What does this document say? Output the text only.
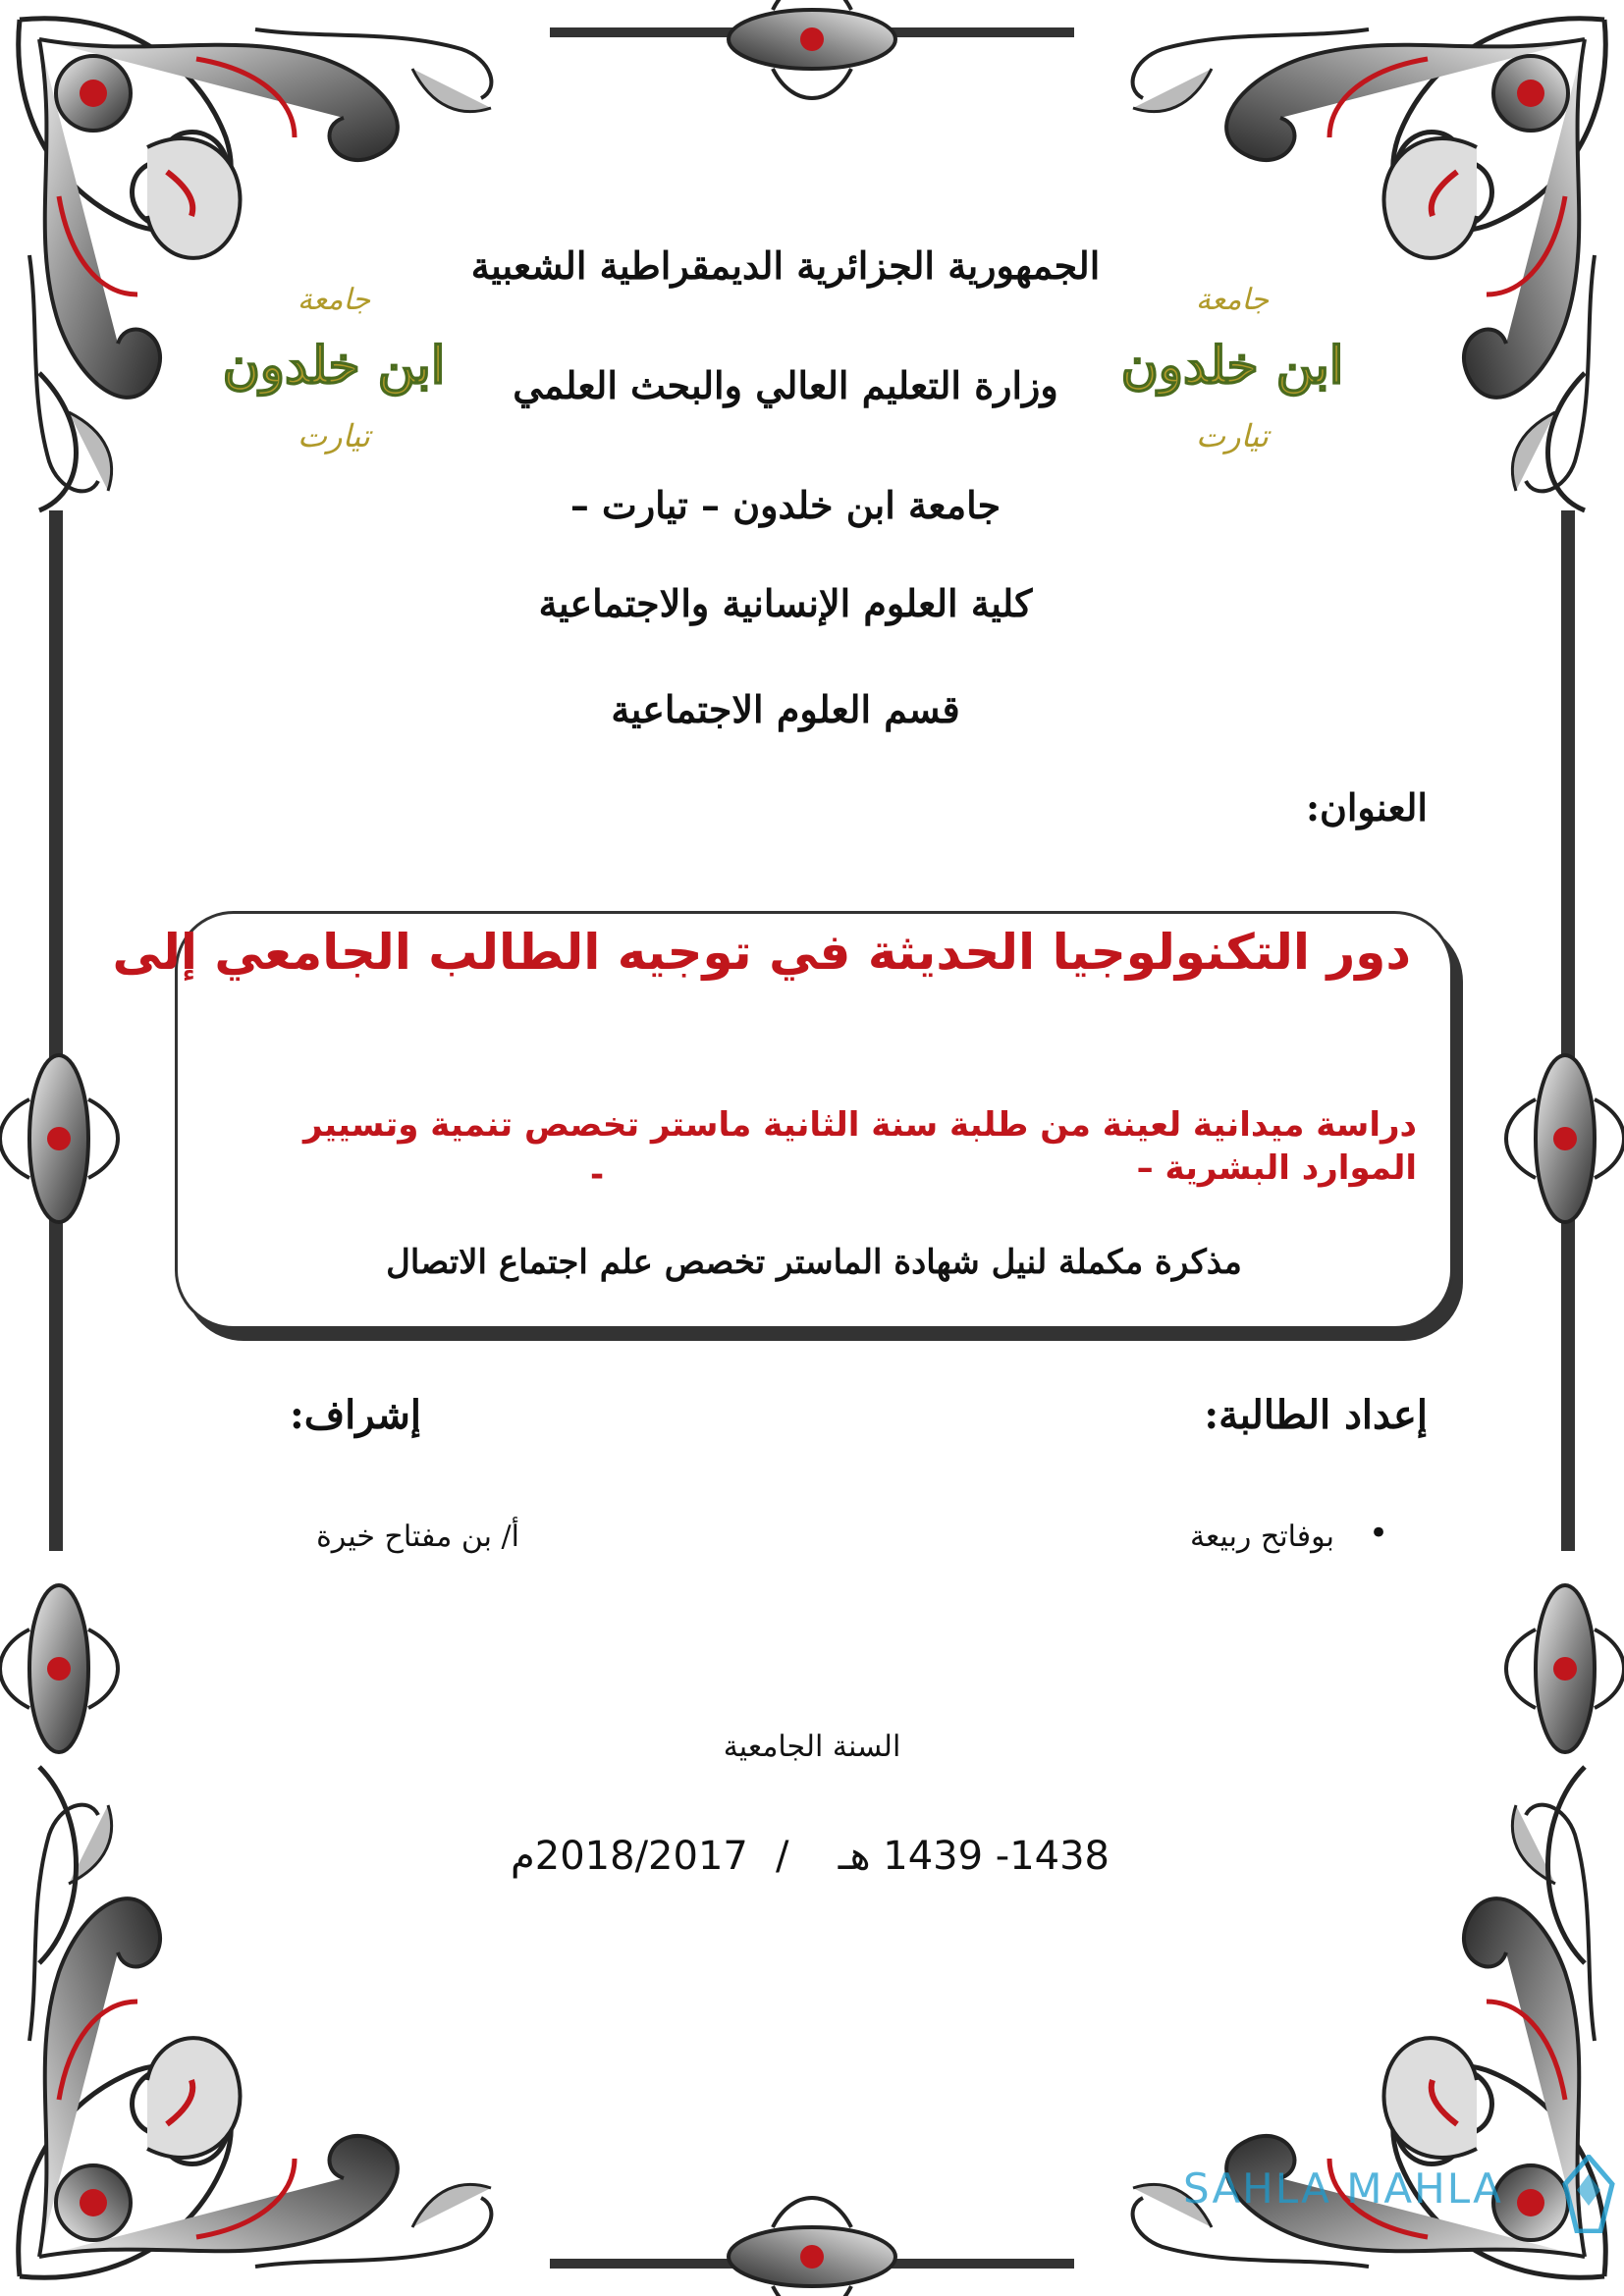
جامعة
ابن خلدون
تيارت
جامعة
ابن خلدون
تيارت
الجمهورية الجزائرية الديمقراطية الشعبية
وزارة التعليم العالي والبحث العلمي
جامعة ابن خلدون – تيارت –
كلية العلوم الإنسانية والاجتماعية
قسم العلوم الاجتماعية
العنوان:
دور التكنولوجيا الحديثة في توجيه الطالب الجامعي إلى
دراسة ميدانية لعينة من طلبة سنة الثانية ماستر تخصص تنمية وتسيير الموارد البشرية –
-
مذكرة مكملة لنيل شهادة الماستر تخصص علم اجتماع الاتصال
إعداد الطالبة:
إشراف:
•
بوفاتح ربيعة
أ/ بن مفتاح خيرة
السنة الجامعية
1438- 1439 هـ
/
2018/2017م
SAHLA MAHLA
